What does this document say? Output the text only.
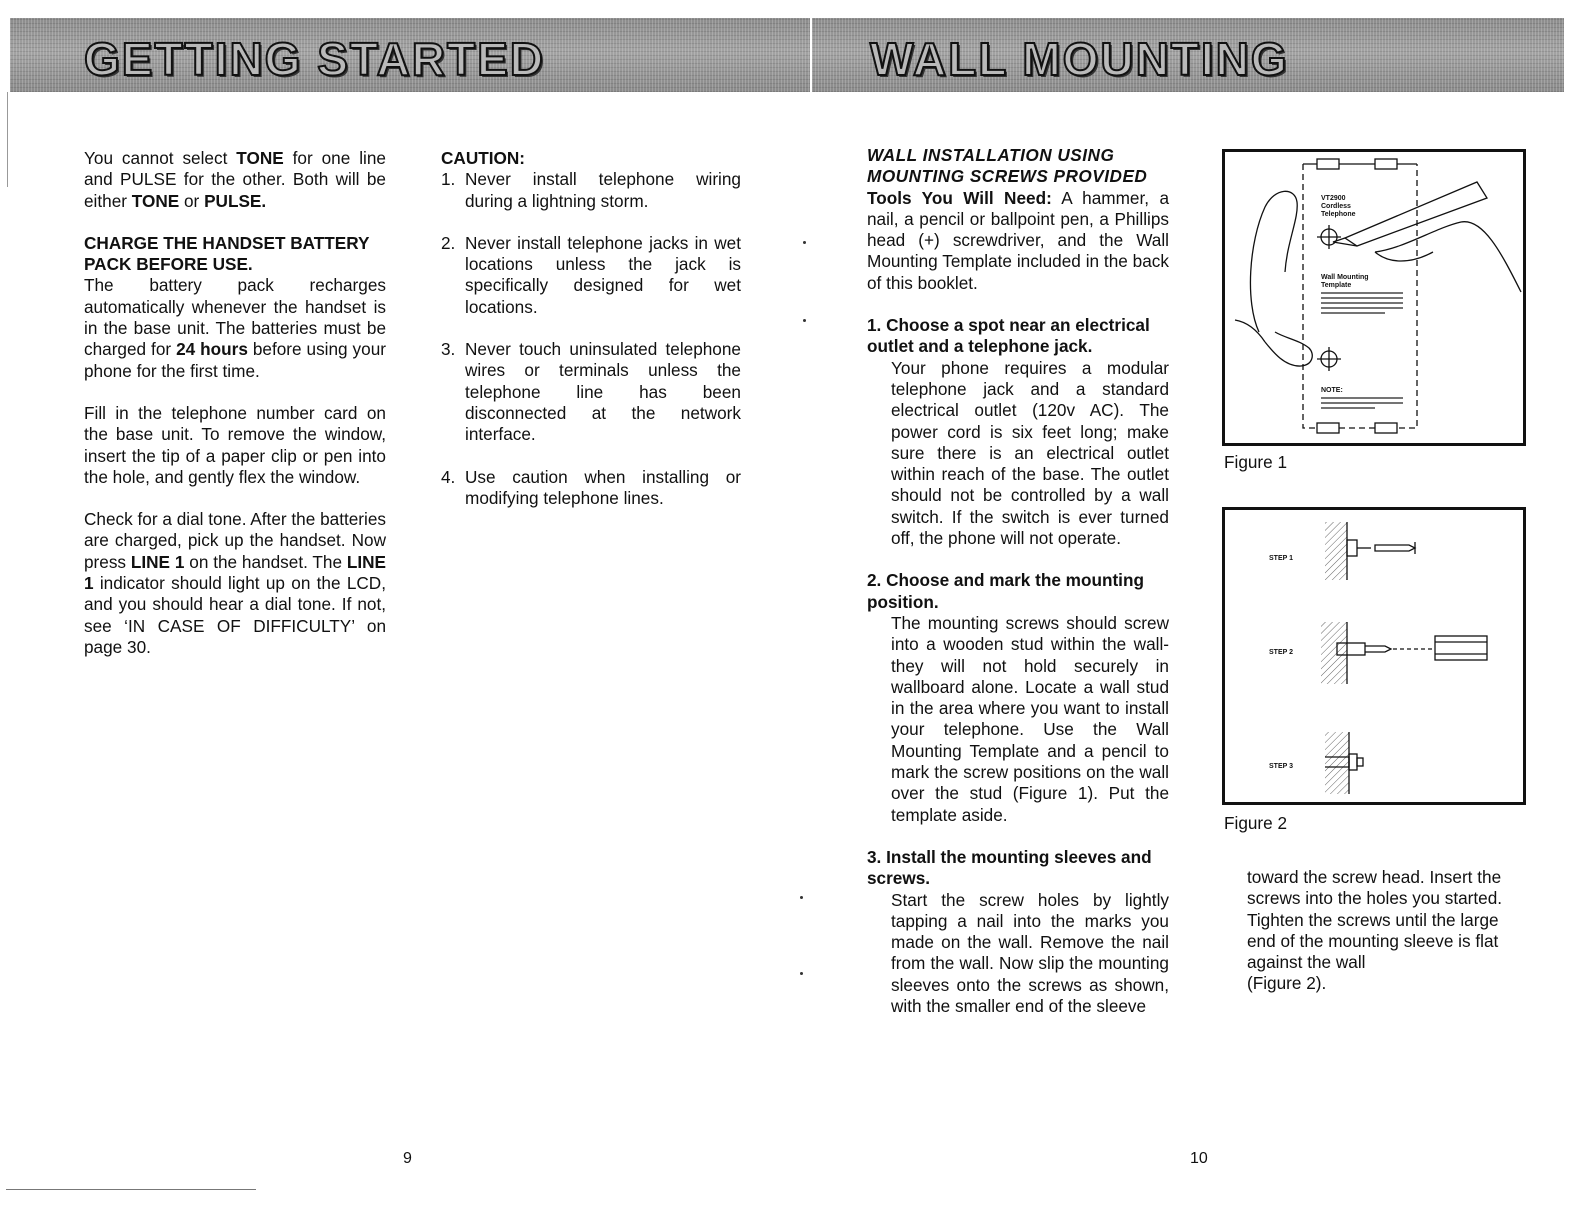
GETTING STARTED	WALL MOUNTING

You cannot select TONE for one line and PULSE for the other. Both will be either TONE or PULSE.

CHARGE THE HANDSET BATTERY PACK BEFORE USE.

The battery pack recharges automatically whenever the handset is in the base unit. The batteries must be charged for 24 hours before using your phone for the first time.

Fill in the telephone number card on the base unit. To remove the window, insert the tip of a paper clip or pen into the hole, and gently flex the window.

Check for a dial tone. After the batteries are charged, pick up the handset. Now press LINE 1 on the handset. The LINE 1 indicator should light up on the LCD, and you should hear a dial tone. If not, see ‘IN CASE OF DIFFICULTY’ on page 30.

CAUTION:

1. Never install telephone wiring during a lightning storm.
2. Never install telephone jacks in wet locations unless the jack is specifically designed for wet locations.
3. Never touch uninsulated telephone wires or terminals unless the telephone line has been disconnected at the network interface.
4. Use caution when installing or modifying telephone lines.

WALL INSTALLATION USING MOUNTING SCREWS PROVIDED

Tools You Will Need: A hammer, a nail, a pencil or ballpoint pen, a Phillips head (+) screwdriver, and the Wall Mounting Template included in the back of this booklet.

1. Choose a spot near an electrical outlet and a telephone jack.

Your phone requires a modular telephone jack and a standard electrical outlet (120v AC). The power cord is six feet long; make sure there is an electrical outlet within reach of the base. The outlet should not be controlled by a wall switch. If the switch is ever turned off, the phone will not operate.

2. Choose and mark the mounting position.

The mounting screws should screw into a wooden stud within the wall- they will not hold securely in wallboard alone. Locate a wall stud in the area where you want to install your telephone. Use the Wall Mounting Template and a pencil to mark the screw positions on the wall over the stud (Figure 1). Put the template aside.

3. Install the mounting sleeves and screws.

Start the screw holes by lightly tapping a nail into the marks you made on the wall. Remove the nail from the wall. Now slip the mounting sleeves onto the screws as shown, with the smaller end of the sleeve

toward the screw head. Insert the screws into the holes you started. Tighten the screws until the large end of the mounting sleeve is flat against the wall
(Figure 2).

VT2900
Cordless
Telephone
Wall Mounting
Template
NOTE:
Figure 1
STEP 1
STEP 2
STEP 3
Figure 2
9	10
